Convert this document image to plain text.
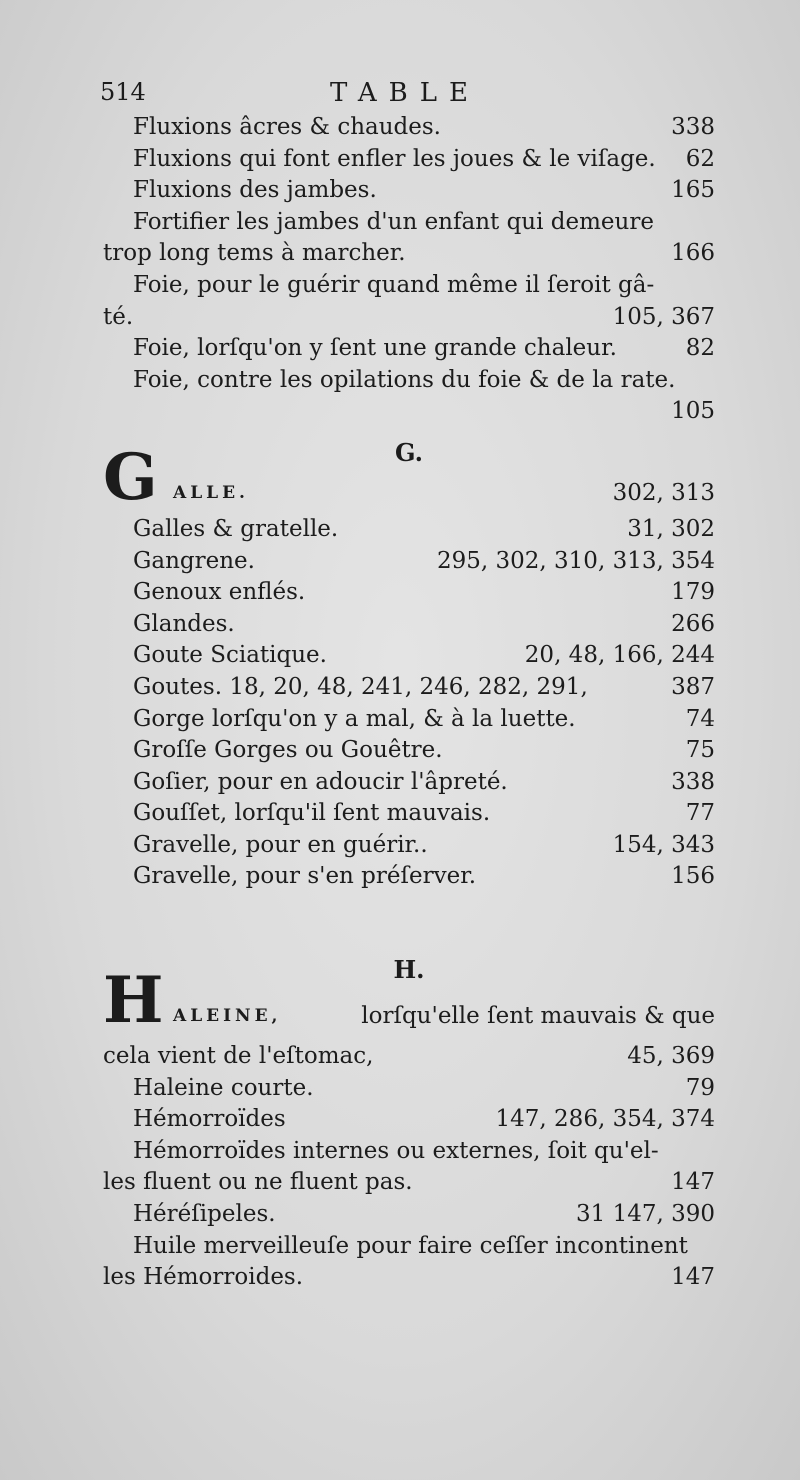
514	TABLE
Fluxions âcres & chaudes.	338
Fluxions qui font enfler les joues & le viſage. 62
Fluxions des jambes.	165
Fortifier les jambes d'un enfant qui demeure
trop long tems à marcher.	166
Foie, pour le guérir quand même il ſeroit gâ-
té.	105, 367
Foie, lorſqu'on y ſent une grande chaleur.	82
Foie, contre les opilations du foie & de la rate.
105
G.
G ALLE.	302, 313
Galles & gratelle.	31, 302
Gangrene.	295, 302, 310, 313, 354
Genoux enflés.	179
Glandes.	266
Goute Sciatique.	20, 48, 166, 244
Goutes. 18, 20, 48, 241, 246, 282, 291,	387
Gorge lorſqu'on y a mal, & à la luette.	74
Groſſe Gorges ou Gouêtre.	75
Goſier, pour en adoucir l'âpreté.	338
Gouſſet, lorſqu'il ſent mauvais.	77
Gravelle, pour en guérir..	154, 343
Gravelle, pour s'en préſerver.	156
H.
H ALEINE,	lorſqu'elle ſent mauvais & que
cela vient de l'eſtomac,	45, 369
Haleine courte.	79
Hémorroïdes	147, 286, 354, 374
Hémorroïdes internes ou externes, ſoit qu'el-
les fluent ou ne fluent pas.	147
Héréſipeles.	31 147, 390
Huile merveilleuſe pour faire ceſſer incontinent
les Hémorroides.	147
